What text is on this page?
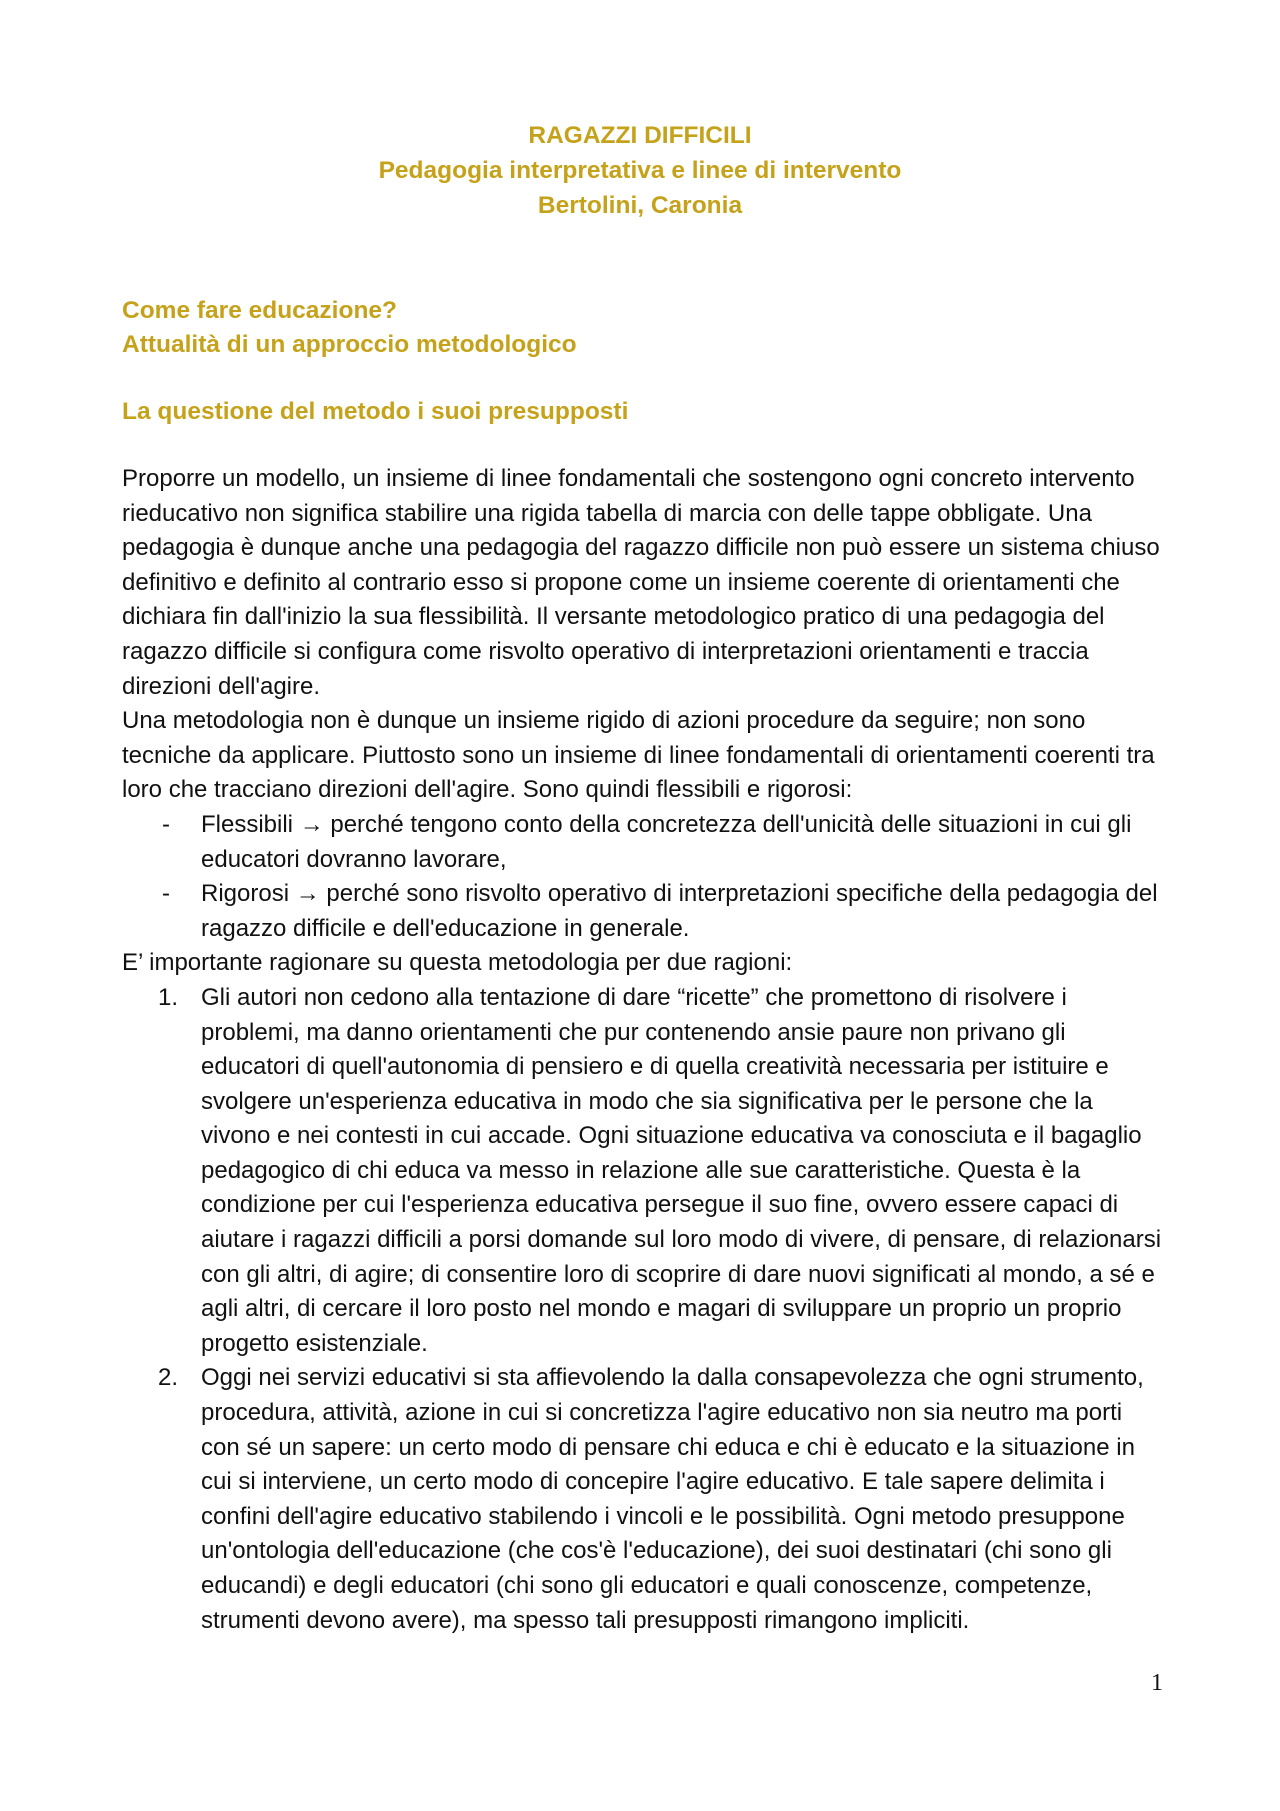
RAGAZZI DIFFICILI
Pedagogia interpretativa e linee di intervento
Bertolini, Caronia
Come fare educazione?
Attualità di un approccio metodologico
La questione del metodo i suoi presupposti

Proporre un modello, un insieme di linee fondamentali che sostengono ogni concreto intervento rieducativo non significa stabilire una rigida tabella di marcia con delle tappe obbligate. Una pedagogia è dunque anche una pedagogia del ragazzo difficile non può essere un sistema chiuso definitivo e definito al contrario esso si propone come un insieme coerente di orientamenti che dichiara fin dall'inizio la sua flessibilità. Il versante metodologico pratico di una pedagogia del ragazzo difficile si configura come risvolto operativo di interpretazioni orientamenti e traccia direzioni dell'agire.

Una metodologia non è dunque un insieme rigido di azioni procedure da seguire; non sono tecniche da applicare. Piuttosto sono un insieme di linee fondamentali di orientamenti coerenti tra loro che tracciano direzioni dell'agire. Sono quindi flessibili e rigorosi:

- Flessibili → perché tengono conto della concretezza dell'unicità delle situazioni in cui gli educatori dovranno lavorare,
- Rigorosi → perché sono risvolto operativo di interpretazioni specifiche della pedagogia del ragazzo difficile e dell'educazione in generale.

E’ importante ragionare su questa metodologia per due ragioni:

1. Gli autori non cedono alla tentazione di dare “ricette” che promettono di risolvere i problemi, ma danno orientamenti che pur contenendo ansie paure non privano gli educatori di quell'autonomia di pensiero e di quella creatività necessaria per istituire e svolgere un'esperienza educativa in modo che sia significativa per le persone che la vivono e nei contesti in cui accade. Ogni situazione educativa va conosciuta e il bagaglio pedagogico di chi educa va messo in relazione alle sue caratteristiche. Questa è la condizione per cui l'esperienza educativa persegue il suo fine, ovvero essere capaci di aiutare i ragazzi difficili a porsi domande sul loro modo di vivere, di pensare, di relazionarsi con gli altri, di agire; di consentire loro di scoprire di dare nuovi significati al mondo, a sé e agli altri, di cercare il loro posto nel mondo e magari di sviluppare un proprio un proprio progetto esistenziale.
2. Oggi nei servizi educativi si sta affievolendo la dalla consapevolezza che ogni strumento, procedura, attività, azione in cui si concretizza l'agire educativo non sia neutro ma porti con sé un sapere: un certo modo di pensare chi educa e chi è educato e la situazione in cui si interviene, un certo modo di concepire l'agire educativo. E tale sapere delimita i confini dell'agire educativo stabilendo i vincoli e le possibilità. Ogni metodo presuppone un'ontologia dell'educazione (che cos'è l'educazione), dei suoi destinatari (chi sono gli educandi) e degli educatori (chi sono gli educatori e quali conoscenze, competenze, strumenti devono avere), ma spesso tali presupposti rimangono impliciti.
1
